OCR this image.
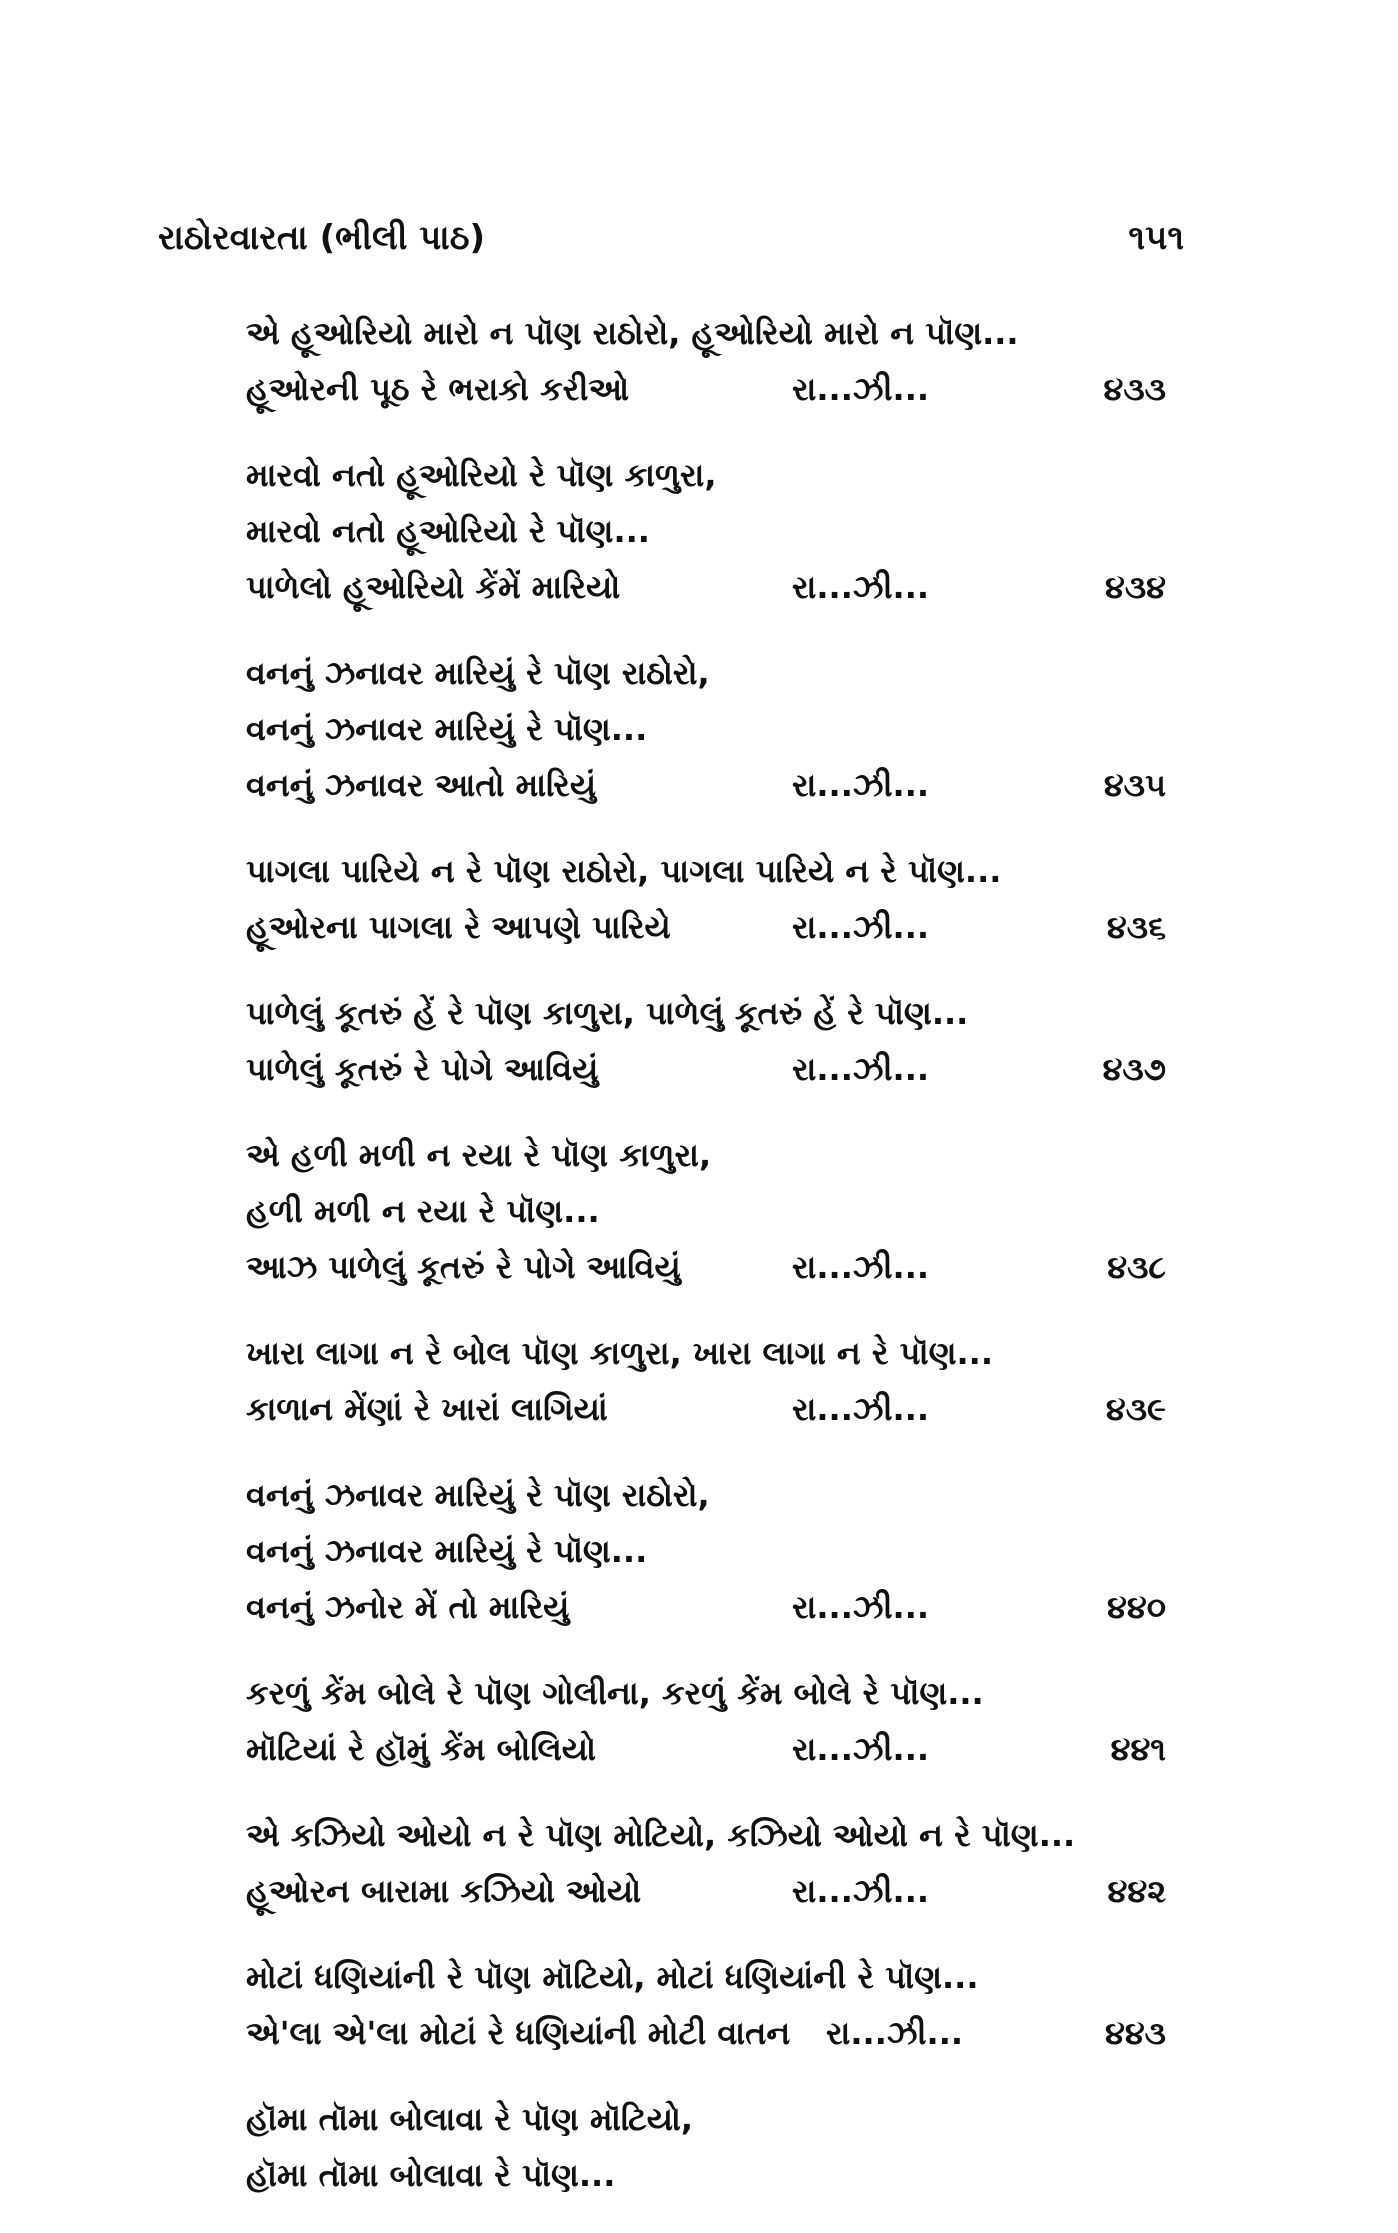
રાઠોરવારતા (ભીલી પાઠ)	૧૫૧
એ હૂઓરિયો મારો ન પૉણ રાઠોરો, હૂઓરિયો મારો ન પૉણ...
હૂઓરની પૂઠ રે ભરાકો કરીઓ	રા...ઝી...	૪૩૩
મારવો નતો હૂઓરિયો રે પૉણ કાળુરા,
મારવો નતો હૂઓરિયો રે પૉણ...
પાળેલો હૂઓરિયો કેંમેં મારિયો	રા...ઝી...	૪૩૪
વનનું ઝનાવર મારિયું રે પૉણ રાઠોરો,
વનનું ઝનાવર મારિયું રે પૉણ...
વનનું ઝનાવર આતો મારિયું	રા...ઝી...	૪૩૫
પાગલા પારિયે ન રે પૉણ રાઠોરો, પાગલા પારિયે ન રે પૉણ...
હૂઓરના પાગલા રે આપણે પારિયે	રા...ઝી...	૪૩૬
પાળેલું કૂતરું હેં રે પૉણ કાળુરા, પાળેલું કૂતરું હેં રે પૉણ...
પાળેલું કૂતરું રે પોગે આવિયું	રા...ઝી...	૪૩૭
એ હળી મળી ન રયા રે પૉણ કાળુરા,
હળી મળી ન રયા રે પૉણ...
આઝ પાળેલું કૂતરું રે પોગે આવિયું	રા...ઝી...	૪૩૮
ખારા લાગા ન રે બોલ પૉણ કાળુરા, ખારા લાગા ન રે પૉણ...
કાળાન મેંણાં રે ખારાં લાગિયાં	રા...ઝી...	૪૩૯
વનનું ઝનાવર મારિયું રે પૉણ રાઠોરો,
વનનું ઝનાવર મારિયું રે પૉણ...
વનનું ઝનોર મેં તો મારિયું	રા...ઝી...	૪૪૦
કરળું કેંમ બોલે રે પૉણ ગોલીના, કરળું કેંમ બોલે રે પૉણ...
મૉટિયાં રે હૉમું કેંમ બોલિયો	રા...ઝી...	૪૪૧
એ કઝિયો ઓયો ન રે પૉણ મોટિયો, કઝિયો ઓયો ન રે પૉણ...
હૂઓરન બારામા કઝિયો ઓયો	રા...ઝી...	૪૪૨
મોટાં ધણિયાંની રે પૉણ મૉટિયો, મોટાં ધણિયાંની રે પૉણ...
એ'લા એ'લા મોટાં રે ધણિયાંની મોટી વાતન રા...ઝી...	૪૪૩
હૉમા તૉમા બોલાવા રે પૉણ મૉટિયો,
હૉમા તૉમા બોલાવા રે પૉણ...
